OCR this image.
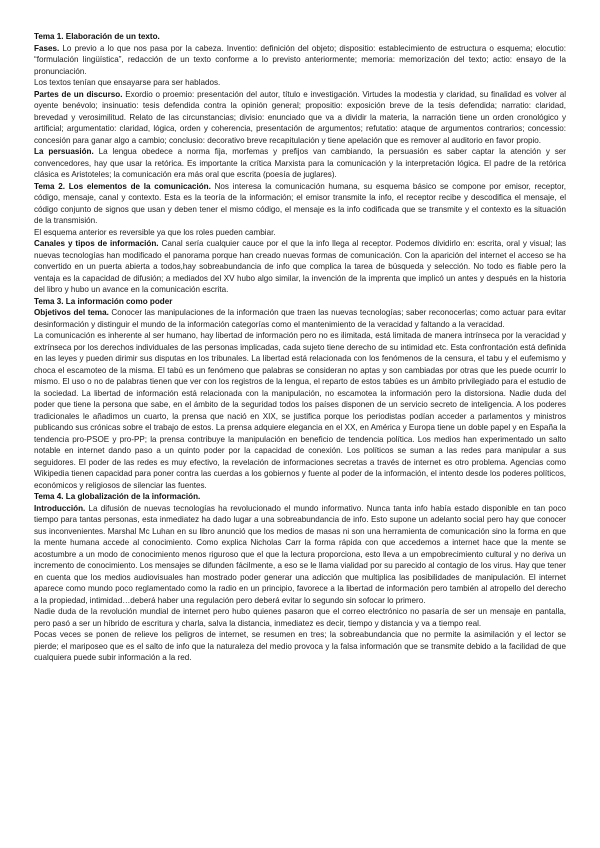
Tema 1. Elaboración de un texto.

Fases. Lo previo a lo que nos pasa por la cabeza. Inventio: definición del objeto; dispositio: establecimiento de estructura o esquema; elocutio: “formulación lingüística”, redacción de un texto conforme a lo previsto anteriormente; memoria: memorización del texto; actio: ensayo de la pronunciación.

Los textos tenían que ensayarse para ser hablados.

Partes de un discurso. Exordio o proemio: presentación del autor, título e investigación. Virtudes la modestia y claridad, su finalidad es volver al oyente benévolo; insinuatio: tesis defendida contra la opinión general; propositio: exposición breve de la tesis defendida; narratio: claridad, brevedad y verosimilitud. Relato de las circunstancias; divisio: enunciado que va a dividir la materia, la narración tiene un orden cronológico y artificial; argumentatio: claridad, lógica, orden y coherencia, presentación de argumentos; refutatio: ataque de argumentos contrarios; concessio: concesión para ganar algo a cambio; conclusio: decorativo breve recapitulación y tiene apelación que es remover al auditorio en favor propio.

La persuasión. La lengua obedece a norma fija, morfemas y prefijos van cambiando, la persuasión es saber captar la atención y ser convencedores, hay que usar la retórica. Es importante la crítica Marxista para la comunicación y la interpretación lógica. El padre de la retórica clásica es Aristoteles; la comunicación era más oral que escrita (poesía de juglares).

Tema 2. Los elementos de la comunicación. Nos interesa la comunicación humana, su esquema básico se compone por emisor, receptor, código, mensaje, canal y contexto. Esta es la teoría de la información; el emisor transmite la info, el receptor recibe y descodifica el mensaje, el código conjunto de signos que usan y deben tener el mismo código, el mensaje es la info codificada que se transmite y el contexto es la situación de la transmisión.

El esquema anterior es reversible ya que los roles pueden cambiar.

Canales y tipos de información. Canal sería cualquier cauce por el que la info llega al receptor. Podemos dividirlo en: escrita, oral y visual; las nuevas tecnologías han modificado el panorama porque han creado nuevas formas de comunicación. Con la aparición del internet el acceso se ha convertido en un puerta abierta a todos,hay sobreabundancia de info que complica la tarea de búsqueda y selección. No todo es fiable pero la ventaja es la capacidad de difusión; a mediados del XV hubo algo similar, la invención de la imprenta que implicó un antes y después en la historia del libro y hubo un avance en la comunicación escrita.

Tema 3. La información como poder

Objetivos del tema. Conocer las manipulaciones de la información que traen las nuevas tecnologías; saber reconocerlas; como actuar para evitar desinformación y distinguir el mundo de la información categorías como el mantenimiento de la veracidad y faltando a la veracidad.

La comunicación es inherente al ser humano, hay libertad de información pero no es ilimitada, está limitada de manera intrínseca por la veracidad y extrínseca por los derechos individuales de las personas implicadas, cada sujeto tiene derecho de su intimidad etc. Esta confrontación está definida en las leyes y pueden dirimir sus disputas en los tribunales. La libertad está relacionada con los fenómenos de la censura, el tabu y el eufemismo y choca el escamoteo de la misma. El tabú es un fenómeno que palabras se consideran no aptas y son cambiadas por otras que les puede ocurrir lo mismo. El uso o no de palabras tienen que ver con los registros de la lengua, el reparto de estos tabúes es un ámbito privilegiado para el estudio de la sociedad. La libertad de información está relacionada con la manipulación, no escamotea la información pero la distorsiona. Nadie duda del poder que tiene la persona que sabe, en el ámbito de la seguridad todos los países disponen de un servicio secreto de inteligencia. A los poderes tradicionales le añadimos un cuarto, la prensa que nació en XIX, se justifica porque los periodistas podían acceder a parlamentos y ministros publicando sus crónicas sobre el trabajo de estos. La prensa adquiere elegancia en el XX, en América y Europa tiene un doble papel y en España la tendencia pro-PSOE y pro-PP; la prensa contribuye la manipulación en beneficio de tendencia política. Los medios han experimentado un salto notable en internet dando paso a un quinto poder por la capacidad de conexión. Los políticos se suman a las redes para manipular a sus seguidores. El poder de las redes es muy efectivo, la revelación de informaciones secretas a través de internet es otro problema. Agencias como Wikipedia tienen capacidad para poner contra las cuerdas a los gobiernos y fuente al poder de la información, el intento desde los poderes políticos, económicos y religiosos de silenciar las fuentes.

Tema 4. La globalización de la información.

Introducción. La difusión de nuevas tecnologías ha revolucionado el mundo informativo. Nunca tanta info había estado disponible en tan poco tiempo para tantas personas, esta inmediatez ha dado lugar a una sobreabundancia de info. Esto supone un adelanto social pero hay que conocer sus inconvenientes. Marshal Mc Luhan en su libro anunció que los medios de masas ni son una herramienta de comunicación sino la forma en que la mente humana accede al conocimiento. Como explica Nicholas Carr la forma rápida con que accedemos a internet hace que la mente se acostumbre a un modo de conocimiento menos riguroso que el que la lectura proporciona, esto lleva a un empobrecimiento cultural y no deriva un incremento de conocimiento. Los mensajes se difunden fácilmente, a eso se le llama vialidad por su parecido al contagio de los virus. Hay que tener en cuenta que los medios audiovisuales han mostrado poder generar una adicción que multiplica las posibilidades de manipulación. El internet aparece como mundo poco reglamentado como la radio en un principio, favorece a la libertad de información pero también al atropello del derecho a la propiedad, intimidad…deberá haber una regulación pero deberá evitar lo segundo sin sofocar lo primero.

Nadie duda de la revolución mundial de internet pero hubo quienes pasaron que el correo electrónico no pasaría de ser un mensaje en pantalla, pero pasó a ser un híbrido de escritura y charla, salva la distancia, inmediatez es decir, tiempo y distancia y va a tiempo real.

Pocas veces se ponen de relieve los peligros de internet, se resumen en tres; la sobreabundancia que no permite la asimilación y el lector se pierde; el mariposeo que es el salto de info que la naturaleza del medio provoca y la falsa información que se transmite debido a la facilidad de que cualquiera puede subir información a la red.
